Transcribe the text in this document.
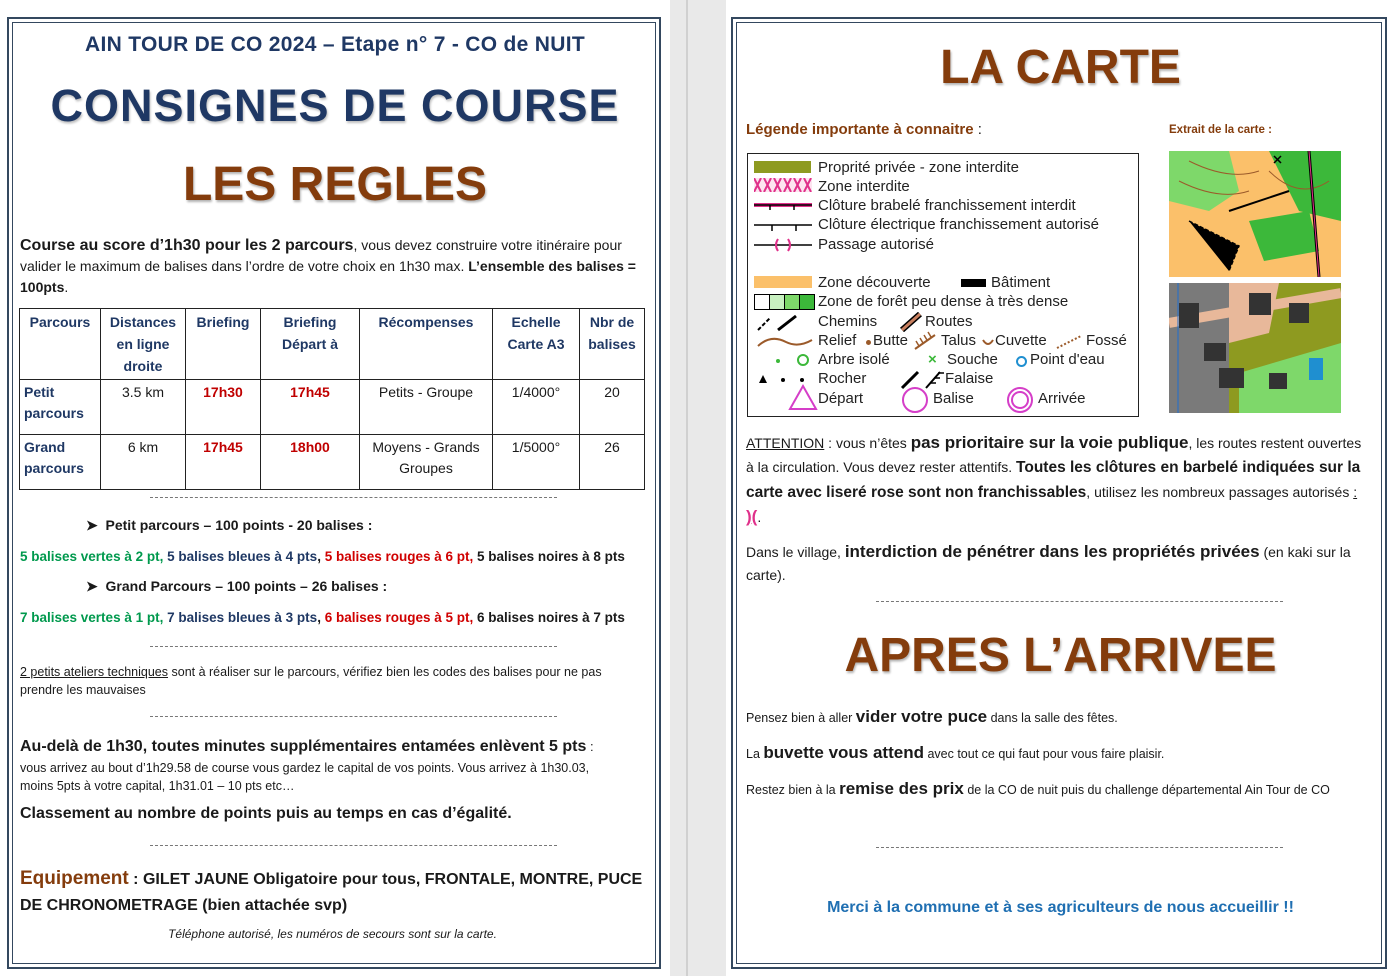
AIN TOUR DE CO 2024 – Etape n° 7 - CO de NUIT
CONSIGNES DE COURSE
LES REGLES
Course au score d’1h30 pour les 2 parcours, vous devez construire votre itinéraire pour valider le maximum de balises dans l’ordre de votre choix en 1h30 max. L’ensemble des balises = 100pts.
Parcours	Distances en ligne droite	Briefing	Briefing Départ à	Récompenses	Echelle Carte A3	Nbr de balises
Petit parcours	3.5 km	17h30	17h45	Petits - Groupe	1/4000°	20
Grand parcours	6 km	17h45	18h00	Moyens - Grands Groupes	1/5000°	26
➤ Petit parcours – 100 points - 20 balises :
5 balises vertes à 2 pt, 5 balises bleues à 4 pts, 5 balises rouges à 6 pt, 5 balises noires à 8 pts
➤ Grand Parcours – 100 points – 26 balises :
7 balises vertes à 1 pt, 7 balises bleues à 3 pts, 6 balises rouges à 5 pt, 6 balises noires à 7 pts
2 petits ateliers techniques sont à réaliser sur le parcours, vérifiez bien les codes des balises pour ne pas prendre les mauvaises
Au-delà de 1h30, toutes minutes supplémentaires entamées enlèvent 5 pts :
vous arrivez au bout d’1h29.58 de course vous gardez le capital de vos points. Vous arrivez à 1h30.03, moins 5pts à votre capital, 1h31.01 – 10 pts etc…
Classement au nombre de points puis au temps en cas d’égalité.
Equipement : GILET JAUNE Obligatoire pour tous, FRONTALE, MONTRE, PUCE DE CHRONOMETRAGE (bien attachée svp)
Téléphone autorisé, les numéros de secours sont sur la carte.
LA CARTE
Légende importante à connaitre :	Extrait de la carte :
×
Proprité privée - zone interdite
Zone interdite
Clôture brabelé franchissement interdit
Clôture électrique franchissement autorisé
Passage autorisé
Zone découverte	Bâtiment
Zone de forêt peu dense à très dense
Chemins	Routes
Relief Butte Talus Cuvette	Fossé
Arbre isolé	Souche Point d'eau
Rocher	Falaise
Départ	Balise	Arrivée
ATTENTION : vous n’êtes pas prioritaire sur la voie publique, les routes restent ouvertes à la circulation. Vous devez rester attentifs. Toutes les clôtures en barbelé indiquées sur la carte avec liseré rose sont non franchissables, utilisez les nombreux passages autorisés : )(.
Dans le village, interdiction de pénétrer dans les propriétés privées (en kaki sur la carte).
APRES L’ARRIVEE
Pensez bien à aller vider votre puce dans la salle des fêtes.
La buvette vous attend avec tout ce qui faut pour vous faire plaisir.
Restez bien à la remise des prix de la CO de nuit puis du challenge départemental Ain Tour de CO
Merci à la commune et à ses agriculteurs de nous accueillir !!
